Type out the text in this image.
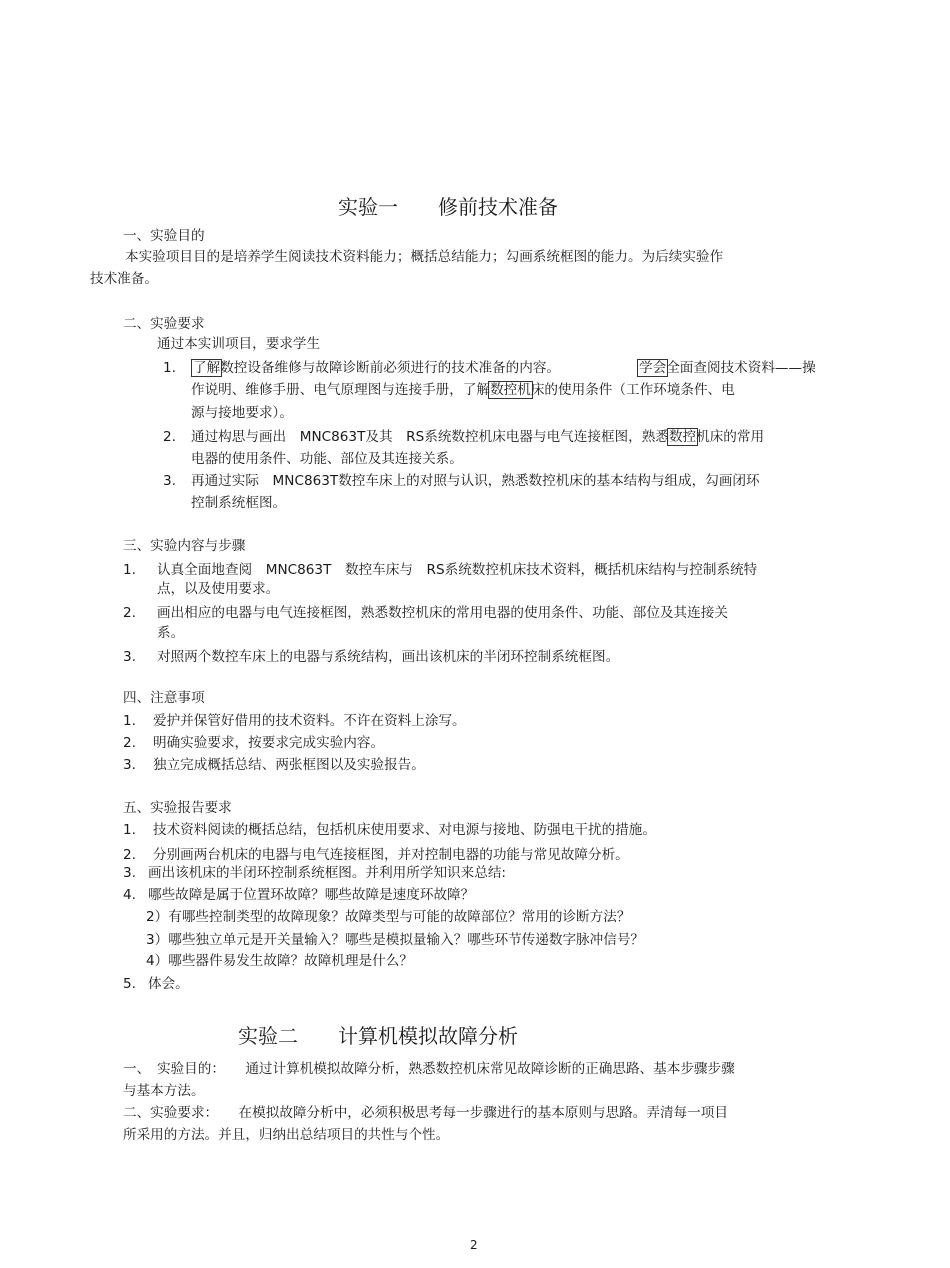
实验一　　修前技术准备
一、实验目的
本实验项目目的是培养学生阅读技术资料能力；概括总结能力；勾画系统框图的能力。为后续实验作
技术准备。
二、实验要求
通过本实训项目，要求学生
1. 了解数控设备维修与故障诊断前必须进行的技术准备的内容。	学会全面查阅技术资料——操
作说明、维修手册、电气原理图与连接手册，了解数控机床的使用条件（工作环境条件、电
源与接地要求）。
2. 通过构思与画出　MNC863T及其　RS系统数控机床电器与电气连接框图，熟悉数控机床的常用
电器的使用条件、功能、部位及其连接关系。
3. 再通过实际　MNC863T数控车床上的对照与认识，熟悉数控机床的基本结构与组成，勾画闭环
控制系统框图。
三、实验内容与步骤
1. 认真全面地查阅　MNC863T　数控车床与　RS系统数控机床技术资料，概括机床结构与控制系统特
点，以及使用要求。
2. 画出相应的电器与电气连接框图，熟悉数控机床的常用电器的使用条件、功能、部位及其连接关
系。
3. 对照两个数控车床上的电器与系统结构，画出该机床的半闭环控制系统框图。
四、注意事项
1. 爱护并保管好借用的技术资料。不许在资料上涂写。
2. 明确实验要求，按要求完成实验内容。
3. 独立完成概括总结、两张框图以及实验报告。
五、实验报告要求
1. 技术资料阅读的概括总结，包括机床使用要求、对电源与接地、防强电干扰的措施。
2. 分别画两台机床的电器与电气连接框图，并对控制电器的功能与常见故障分析。
3. 画出该机床的半闭环控制系统框图。并利用所学知识来总结:
4. 哪些故障是属于位置环故障？哪些故障是速度环故障？
2）有哪些控制类型的故障现象？故障类型与可能的故障部位？常用的诊断方法？
3）哪些独立单元是开关量输入？哪些是模拟量输入？哪些环节传递数字脉冲信号？
4）哪些器件易发生故障？故障机理是什么？
5. 体会。
实验二　　计算机模拟故障分析
一、　实验目的：　　通过计算机模拟故障分析，熟悉数控机床常见故障诊断的正确思路、基本步骤步骤
与基本方法。
二、实验要求：　　在模拟故障分析中，必须积极思考每一步骤进行的基本原则与思路。弄清每一项目
所采用的方法。并且，归纳出总结项目的共性与个性。
2
